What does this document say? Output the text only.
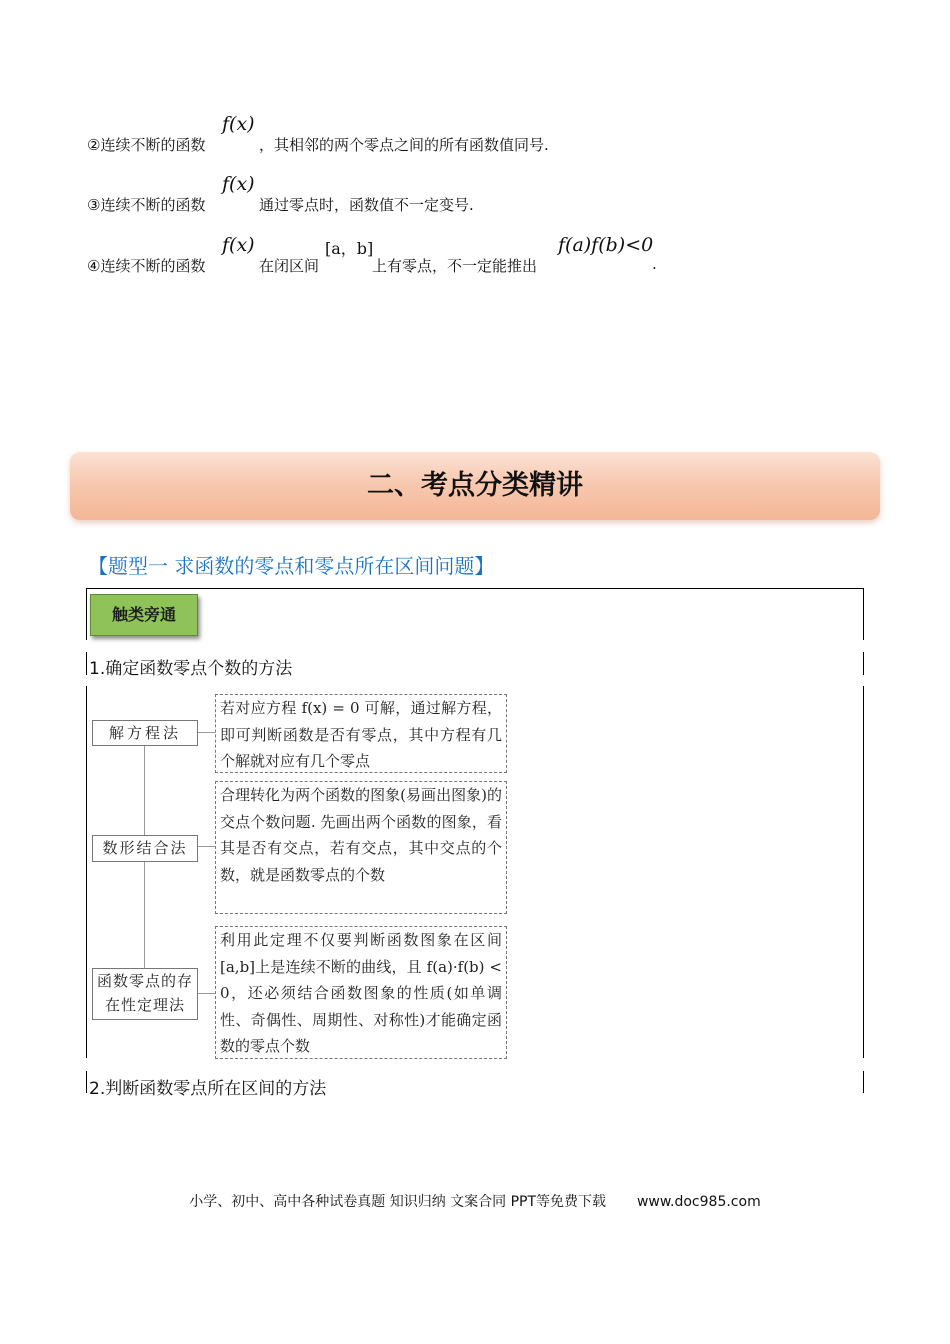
②连续不断的函数
f(x)
，其相邻的两个零点之间的所有函数值同号.
③连续不断的函数
f(x)
通过零点时，函数值不一定变号.
④连续不断的函数
f(x)
在闭区间
[a，b]
上有零点，不一定能推出
f(a)f(b)<0
.
二、考点分类精讲
【题型一 求函数的零点和零点所在区间问题】
触类旁通
1.确定函数零点个数的方法
解方程法
若对应方程 f(x) = 0 可解，通过解方程，即可判断函数是否有零点，其中方程有几个解就对应有几个零点
数形结合法
合理转化为两个函数的图象(易画出图象)的交点个数问题. 先画出两个函数的图象，看其是否有交点，若有交点，其中交点的个数，就是函数零点的个数
函数零点的存在性定理法
利用此定理不仅要判断函数图象在区间[a,b]上是连续不断的曲线，且 f(a)·f(b) < 0，还必须结合函数图象的性质(如单调性、奇偶性、周期性、对称性)才能确定函数的零点个数
2.判断函数零点所在区间的方法
小学、初中、高中各种试卷真题 知识归纳 文案合同 PPT等免费下载 www.doc985.com
